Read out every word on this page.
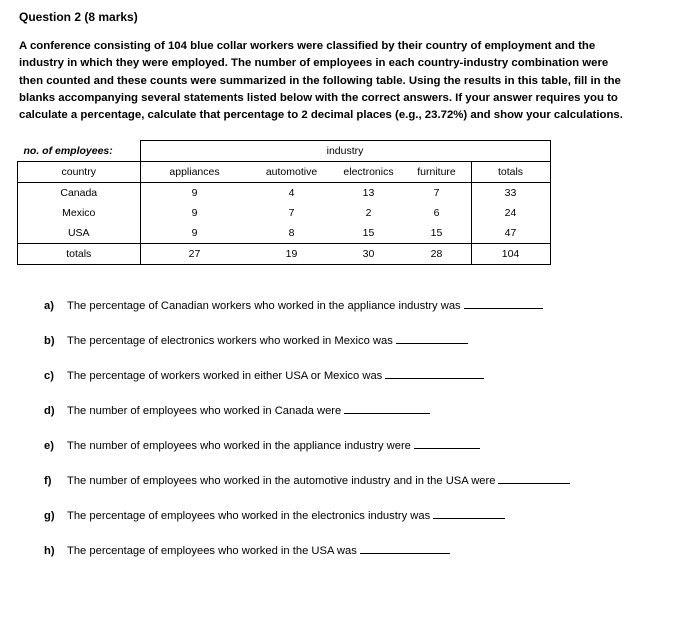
Question 2 (8 marks)
A conference consisting of 104 blue collar workers were classified by their country of employment and the
industry in which they were employed. The number of employees in each country-industry combination were
then counted and these counts were summarized in the following table. Using the results in this table, fill in the
blanks accompanying several statements listed below with the correct answers. If your answer requires you to
calculate a percentage, calculate that percentage to 2 decimal places (e.g., 23.72%) and show your calculations.
no. of employees:	industry				
country	appliances	automotive	electronics	furniture	totals
Canada	9	4	13	7	33
Mexico	9	7	2	6	24
USA	9	8	15	15	47
totals	27	19	30	28	104
a) The percentage of Canadian workers who worked in the appliance industry was
b) The percentage of electronics workers who worked in Mexico was
c) The percentage of workers worked in either USA or Mexico was
d) The number of employees who worked in Canada were
e) The number of employees who worked in the appliance industry were
f) The number of employees who worked in the automotive industry and in the USA were
g) The percentage of employees who worked in the electronics industry was
h) The percentage of employees who worked in the USA was
